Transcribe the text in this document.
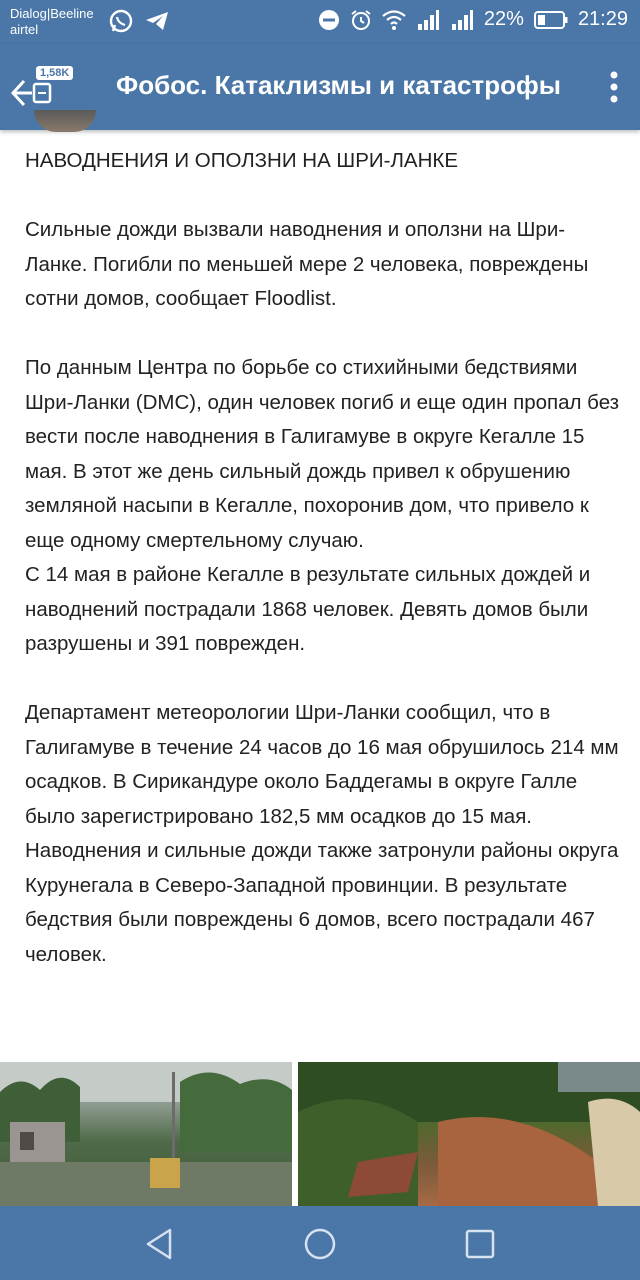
Dialog|Beeline
airtel	22%	21:29
1,58K Фобос. Катаклизмы и катастрофы

НАВОДНЕНИЯ И ОПОЛЗНИ НА ШРИ-ЛАНКЕ

Сильные дожди вызвали наводнения и оползни на Шри-Ланке. Погибли по меньшей мере 2 человека, повреждены сотни домов, сообщает Floodlist.

По данным Центра по борьбе со стихийными бедствиями Шри-Ланки (DMC), один человек погиб и еще один пропал без вести после наводнения в Галигамуве в округе Кегалле 15 мая. В этот же день сильный дождь привел к обрушению земляной насыпи в Кегалле, похоронив дом, что привело к еще одному смертельному случаю.

С 14 мая в районе Кегалле в результате сильных дождей и наводнений пострадали 1868 человек. Девять домов были разрушены и 391 поврежден.

Департамент метеорологии Шри-Ланки сообщил, что в Галигамуве в течение 24 часов до 16 мая обрушилось 214 мм осадков. В Сирикандуре около Баддегамы в округе Галле было зарегистрировано 182,5 мм осадков до 15 мая.

Наводнения и сильные дожди также затронули районы округа Курунегала в Северо-Западной провинции. В результате бедствия были повреждены 6 домов, всего пострадали 467 человек.
